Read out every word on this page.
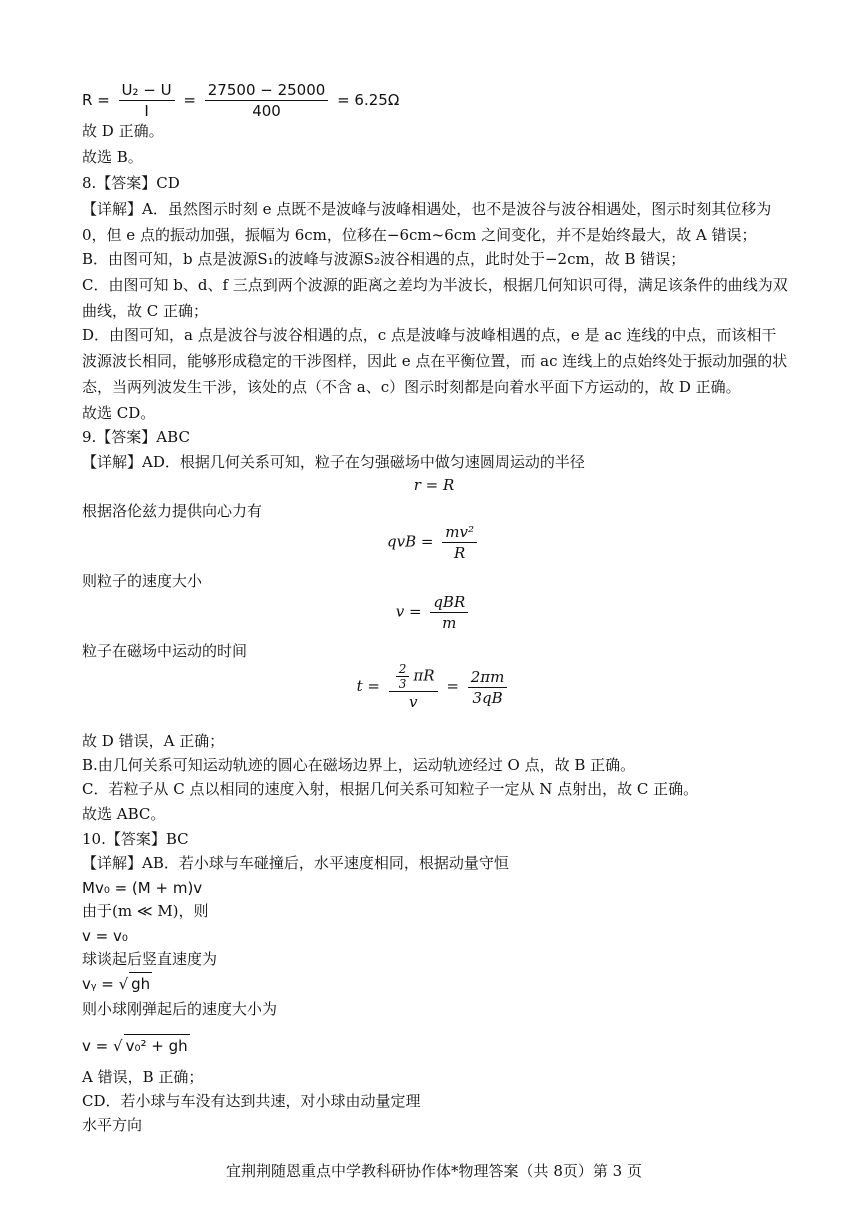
$R = \frac{\text{U₂ − U}}{I} = \frac{27500 - 25000}{400} = 6.25\Omega$
故 D 正确。
故选 B。
8.【答案】CD
【详解】A．虽然图示时刻 e 点既不是波峰与波峰相遇处，也不是波谷与波谷相遇处，图示时刻其位移为 0，但 e 点的振动加强，振幅为 6cm，位移在−6cm~6cm 之间变化，并不是始终最大，故 A 错误；
B．由图可知，b 点是波源S₁的波峰与波源S₂波谷相遇的点，此时处于−2cm，故 B 错误；
C．由图可知 b、d、f 三点到两个波源的距离之差均为半波长，根据几何知识可得，满足该条件的曲线为双曲线，故 C 正确；
D．由图可知，a 点是波谷与波谷相遇的点，c 点是波峰与波峰相遇的点，e 是 ac 连线的中点，而该相干波源波长相同，能够形成稳定的干涉图样，因此 e 点在平衡位置，而 ac 连线上的点始终处于振动加强的状态，当两列波发生干涉，该处的点（不含 a、c）图示时刻都是向着水平面下方运动的，故 D 正确。
故选 CD。
9.【答案】ABC
【详解】AD．根据几何关系可知，粒子在匀强磁场中做匀速圆周运动的半径
r = R
根据洛伦兹力提供向心力有
qvB = $\frac{\text{mv²}}{R}$
则粒子的速度大小
$v = \frac{\text{qBR}}{m}$
粒子在磁场中运动的时间
$t = \frac{\frac{2}{3} \pi R}{v} = \frac{2\pi m}{3qB}$
故 D 错误，A 正确；
B.由几何关系可知运动轨迹的圆心在磁场边界上，运动轨迹经过 O 点，故 B 正确。
C．若粒子从 C 点以相同的速度入射，根据几何关系可知粒子一定从 N 点射出，故 C 正确。
故选 ABC。
10.【答案】BC
【详解】AB．若小球与车碰撞后，水平速度相同，根据动量守恒
Mv₀ = (M + m)v
由于(m ≪ M)，则
v = v₀
球谈起后竖直速度为
vᵧ = √ gh
则小球刚弹起后的速度大小为
v = √ v₀² + gh
A 错误，B 正确；
CD．若小球与车没有达到共速，对小球由动量定理
水平方向
宜荆荆随恩重点中学教科研协作体*物理答案（共 8页）第 3 页
